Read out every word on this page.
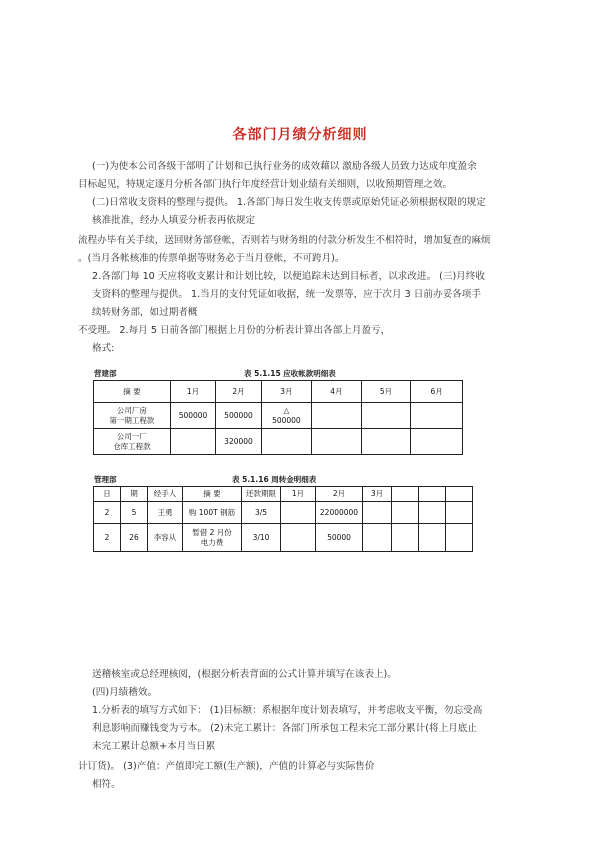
各部门月绩分析细则

(一)为使本公司各级干部明了计划和已执行业务的成效藉以 激励各级人员致力达成年度盈余

目标起见，特规定逐月分析各部门执行年度经营计划业绩有关细则，以收预期管理之效。

(二)日常收支资料的整理与提供。 1.各部门每日发生收支传票或原始凭证必须根据权限的规定

核准批准，经办人填妥分析表再依规定

流程办毕有关手续，送回财务部登帐，否则若与财务组的付款分析发生不相符时，增加复查的麻烦

。(当月各帐核准的传票单据等财务必于当月登帐，不可跨月)。

2.各部门每 10 天应将收支累计和计划比较，以便追踪未达到目标者，以求改进。 (三)月终收

支资料的整理与提供。 1.当月的支付凭证如收据，统一发票等，应于次月 3 日前办妥各项手

续转财务部，如过期者概

不受理。 2.每月 5 日前各部门根据上月份的分析表计算出各部上月盈亏，

格式:

营建部	表 5.1.15 应收帐款明细表
摘 要	1月	2月	3月	4月	5月	6月
公司厂房
第一期工程款	500000	500000	△
500000			
公司一厂
仓库工程款		320000				
管理部	表 5.1.16 周转金明细表
日	期	经手人	摘 要	还款期限	1月	2月	3月			
2	5	王勇	购 100T 钢筋	3/5		22000000				
2	26	李容从	暂借 2 月份
电力费	3/10		50000				

送稽核室或总经理核阅，(根据分析表背面的公式计算并填写在该表上)。

(四)月绩稽效。

1.分析表的填写方式如下： (1)目标额：系根据年度计划表填写，并考虑收支平衡，勿忘受高

利息影响而赚钱变为亏本。 (2)未完工累计：各部门所承包工程未完工部分累计(将上月底止

未完工累计总额+本月当日累

计订货)。 (3)产值：产值即完工额(生产额)，产值的计算必与实际售价

相符。
